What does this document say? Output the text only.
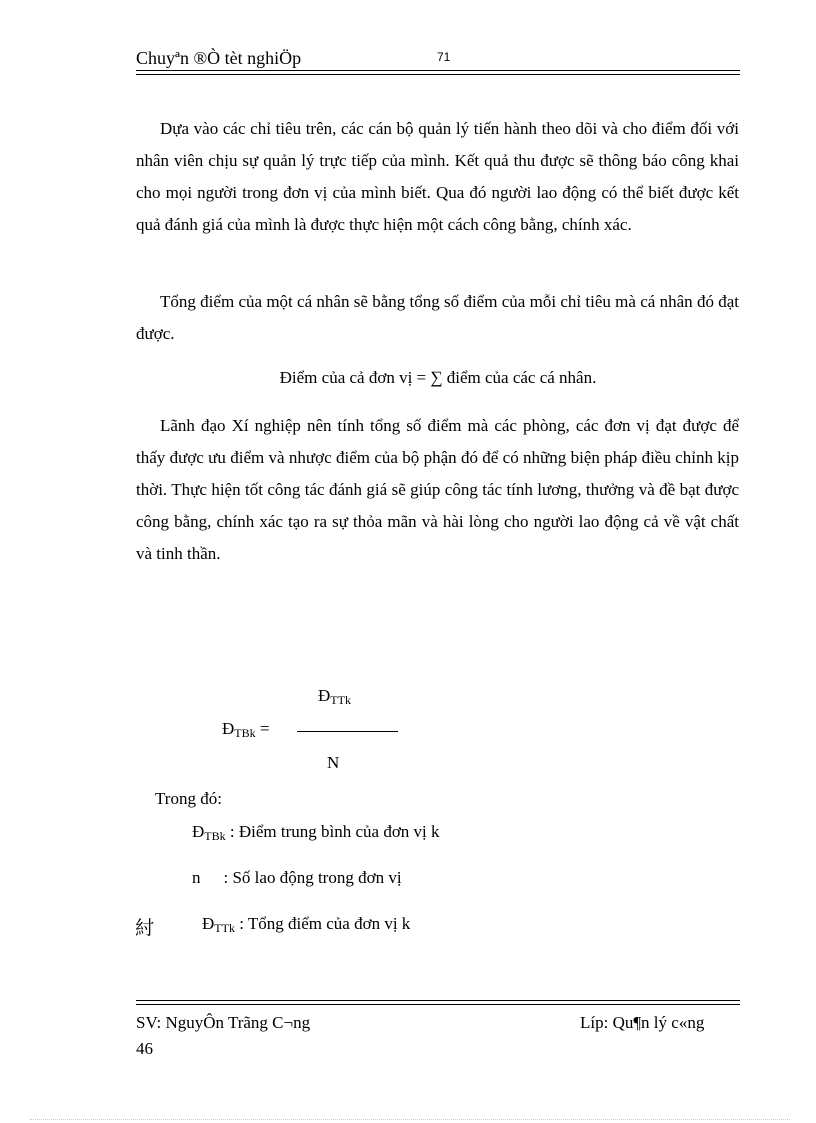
Chuyªn ®Ò tèt nghiÖp	71

Dựa vào các chỉ tiêu trên, các cán bộ quản lý tiến hành theo dõi và cho điểm đối với nhân viên chịu sự quản lý trực tiếp của mình. Kết quả thu được sẽ thông báo công khai cho mọi người trong đơn vị của mình biết. Qua đó người lao động có thể biết được kết quả đánh giá của mình là được thực hiện một cách công bằng, chính xác.

Tổng điểm của một cá nhân sẽ bằng tổng số điểm của mỗi chỉ tiêu mà cá nhân đó đạt được.

Điểm của cả đơn vị = ∑ điểm của các cá nhân.

Lãnh đạo Xí nghiệp nên tính tổng số điểm mà các phòng, các đơn vị đạt được để thấy được ưu điểm và nhược điểm của bộ phận đó để có những biện pháp điều chỉnh kịp thời. Thực hiện tốt công tác đánh giá sẽ giúp công tác tính lương, thưởng và đề bạt được công bằng, chính xác tạo ra sự thỏa mãn và hài lòng cho người lao động cả về vật chất và tinh thần.

$Đ_{TTk}$
$Đ_{TBk}$ =
N
Trong đó:
$Đ_{TBk}$ : Điểm trung bình của đơn vị k
n : Số lao động trong đơn vị
紂	$Đ_{TTk}$ : Tổng điểm của đơn vị k
SV: NguyÔn Trãng C¬ng	Líp: Qu¶n lý c«ng
46
